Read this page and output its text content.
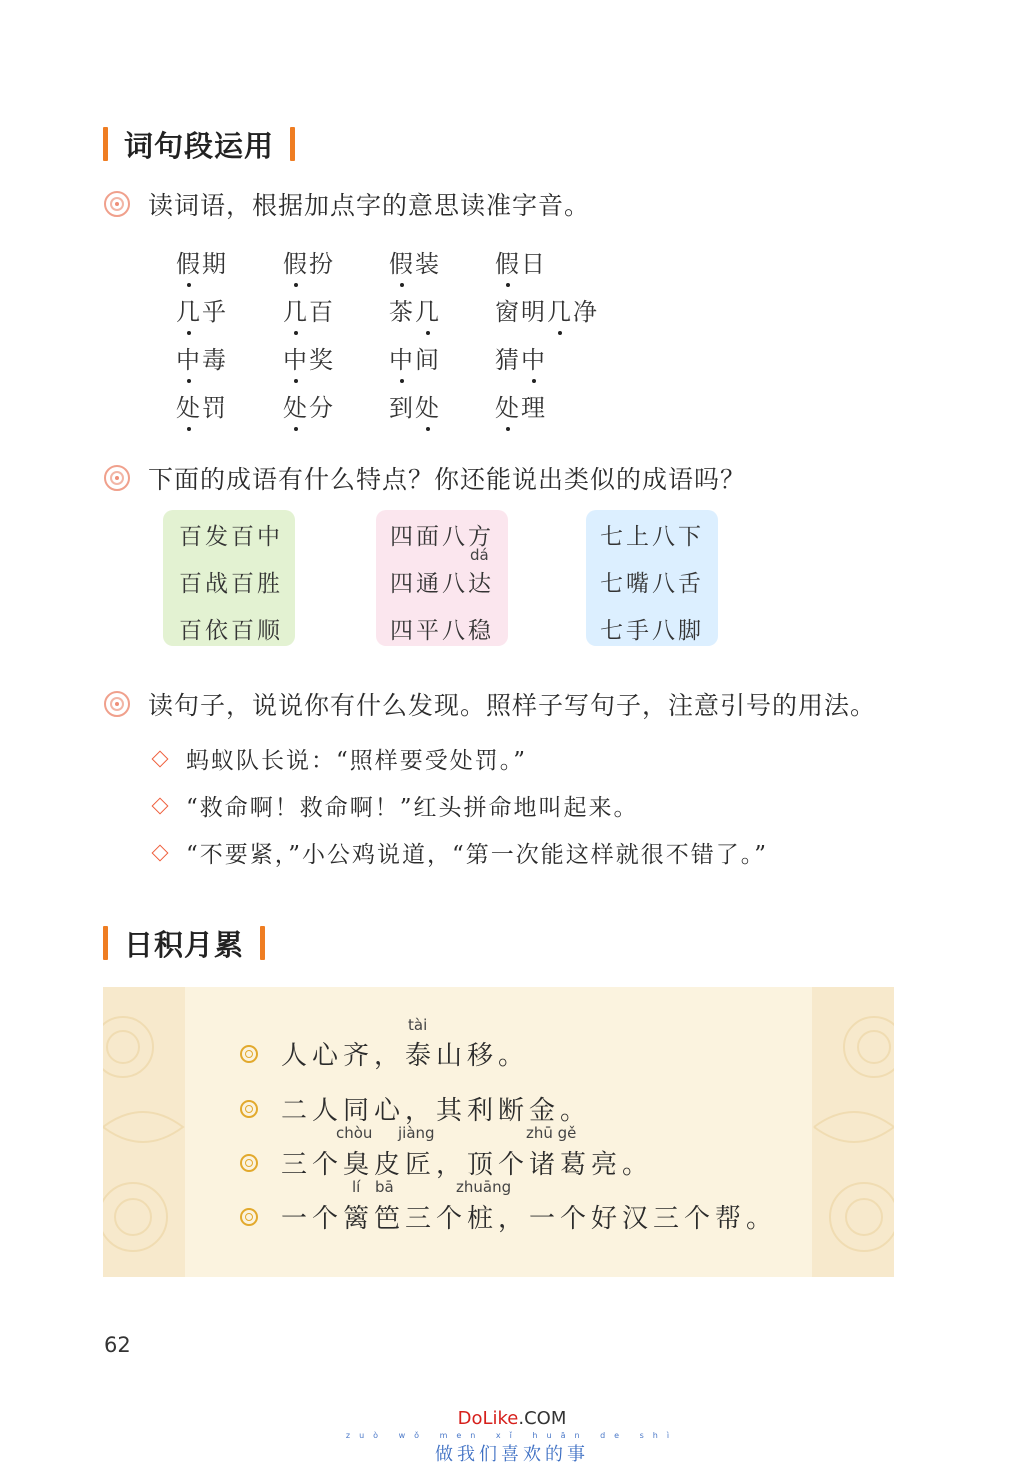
词句段运用
读词语，根据加点字的意思读准字音。
假期 假扮 假装 假日
几乎 几百 茶几 窗明几净
中毒 中奖 中间 猜中
处罚 处分 到处 处理
下面的成语有什么特点？你还能说出类似的成语吗？
百发百中
百战百胜
百依百顺
四面八方
dá
四通八达
四平八稳
七上八下
七嘴八舌
七手八脚
读句子，说说你有什么发现。照样子写句子，注意引号的用法。
蚂蚁队长说：“照样要受处罚。”
“救命啊！救命啊！”红头拼命地叫起来。
“不要紧，”小公鸡说道，“第一次能这样就很不错了。”
日积月累
tài
人心齐，泰山移。
二人同心，其利断金。
chòu jiàng	zhū gě
三个臭皮匠，顶个诸葛亮。
lí bā	zhuāng
一个篱笆三个桩，一个好汉三个帮。
62
DoLike.COM
zuò wǒ men xǐ huān de shì
做我们喜欢的事
